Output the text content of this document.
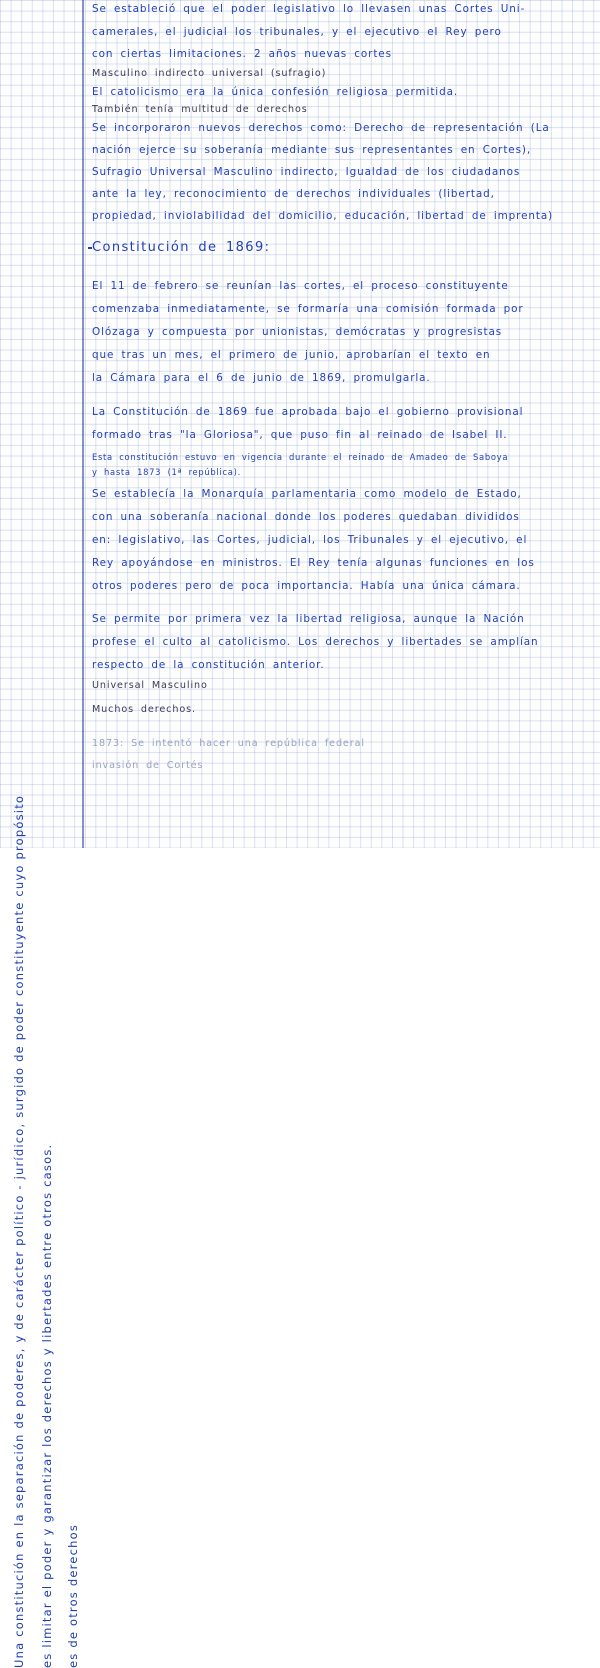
Una constitución en la separación de poderes, y de carácter político - jurídico, surgido de poder constituyente cuyo propósito es limitar el poder y garantizar los derechos y libertades entre otros casos. es de otros derechos
Se estableció que el poder legislativo lo llevasen unas Cortes Uni-
camerales, el judicial los tribunales, y el ejecutivo el Rey pero
con ciertas limitaciones. 2 años nuevas cortes
Masculino indirecto universal (sufragio)
El catolicismo era la única confesión religiosa permitida.
También tenía multitud de derechos
Se incorporaron nuevos derechos como: Derecho de representación (La
nación ejerce su soberanía mediante sus representantes en Cortes),
Sufragio Universal Masculino indirecto, Igualdad de los ciudadanos
ante la ley, reconocimiento de derechos individuales (libertad,
propiedad, inviolabilidad del domicilio, educación, libertad de imprenta)
Constitución de 1869:
El 11 de febrero se reunían las cortes, el proceso constituyente
comenzaba inmediatamente, se formaría una comisión formada por
Olózaga y compuesta por unionistas, demócratas y progresistas
que tras un mes, el primero de junio, aprobarían el texto en
la Cámara para el 6 de junio de 1869, promulgarla.
La Constitución de 1869 fue aprobada bajo el gobierno provisional
formado tras "la Gloriosa", que puso fin al reinado de Isabel II.
Esta constitución estuvo en vigencia durante el reinado de Amadeo de Saboya
y hasta 1873 (1ª república).
Se establecía la Monarquía parlamentaria como modelo de Estado,
con una soberanía nacional donde los poderes quedaban divididos
en: legislativo, las Cortes, judicial, los Tribunales y el ejecutivo, el
Rey apoyándose en ministros. El Rey tenía algunas funciones en los
otros poderes pero de poca importancia. Había una única cámara.
Se permite por primera vez la libertad religiosa, aunque la Nación
profese el culto al catolicismo. Los derechos y libertades se amplían
respecto de la constitución anterior.
Universal Masculino
Muchos derechos.
1873: Se intentó hacer una república federal
invasión de Cortés
